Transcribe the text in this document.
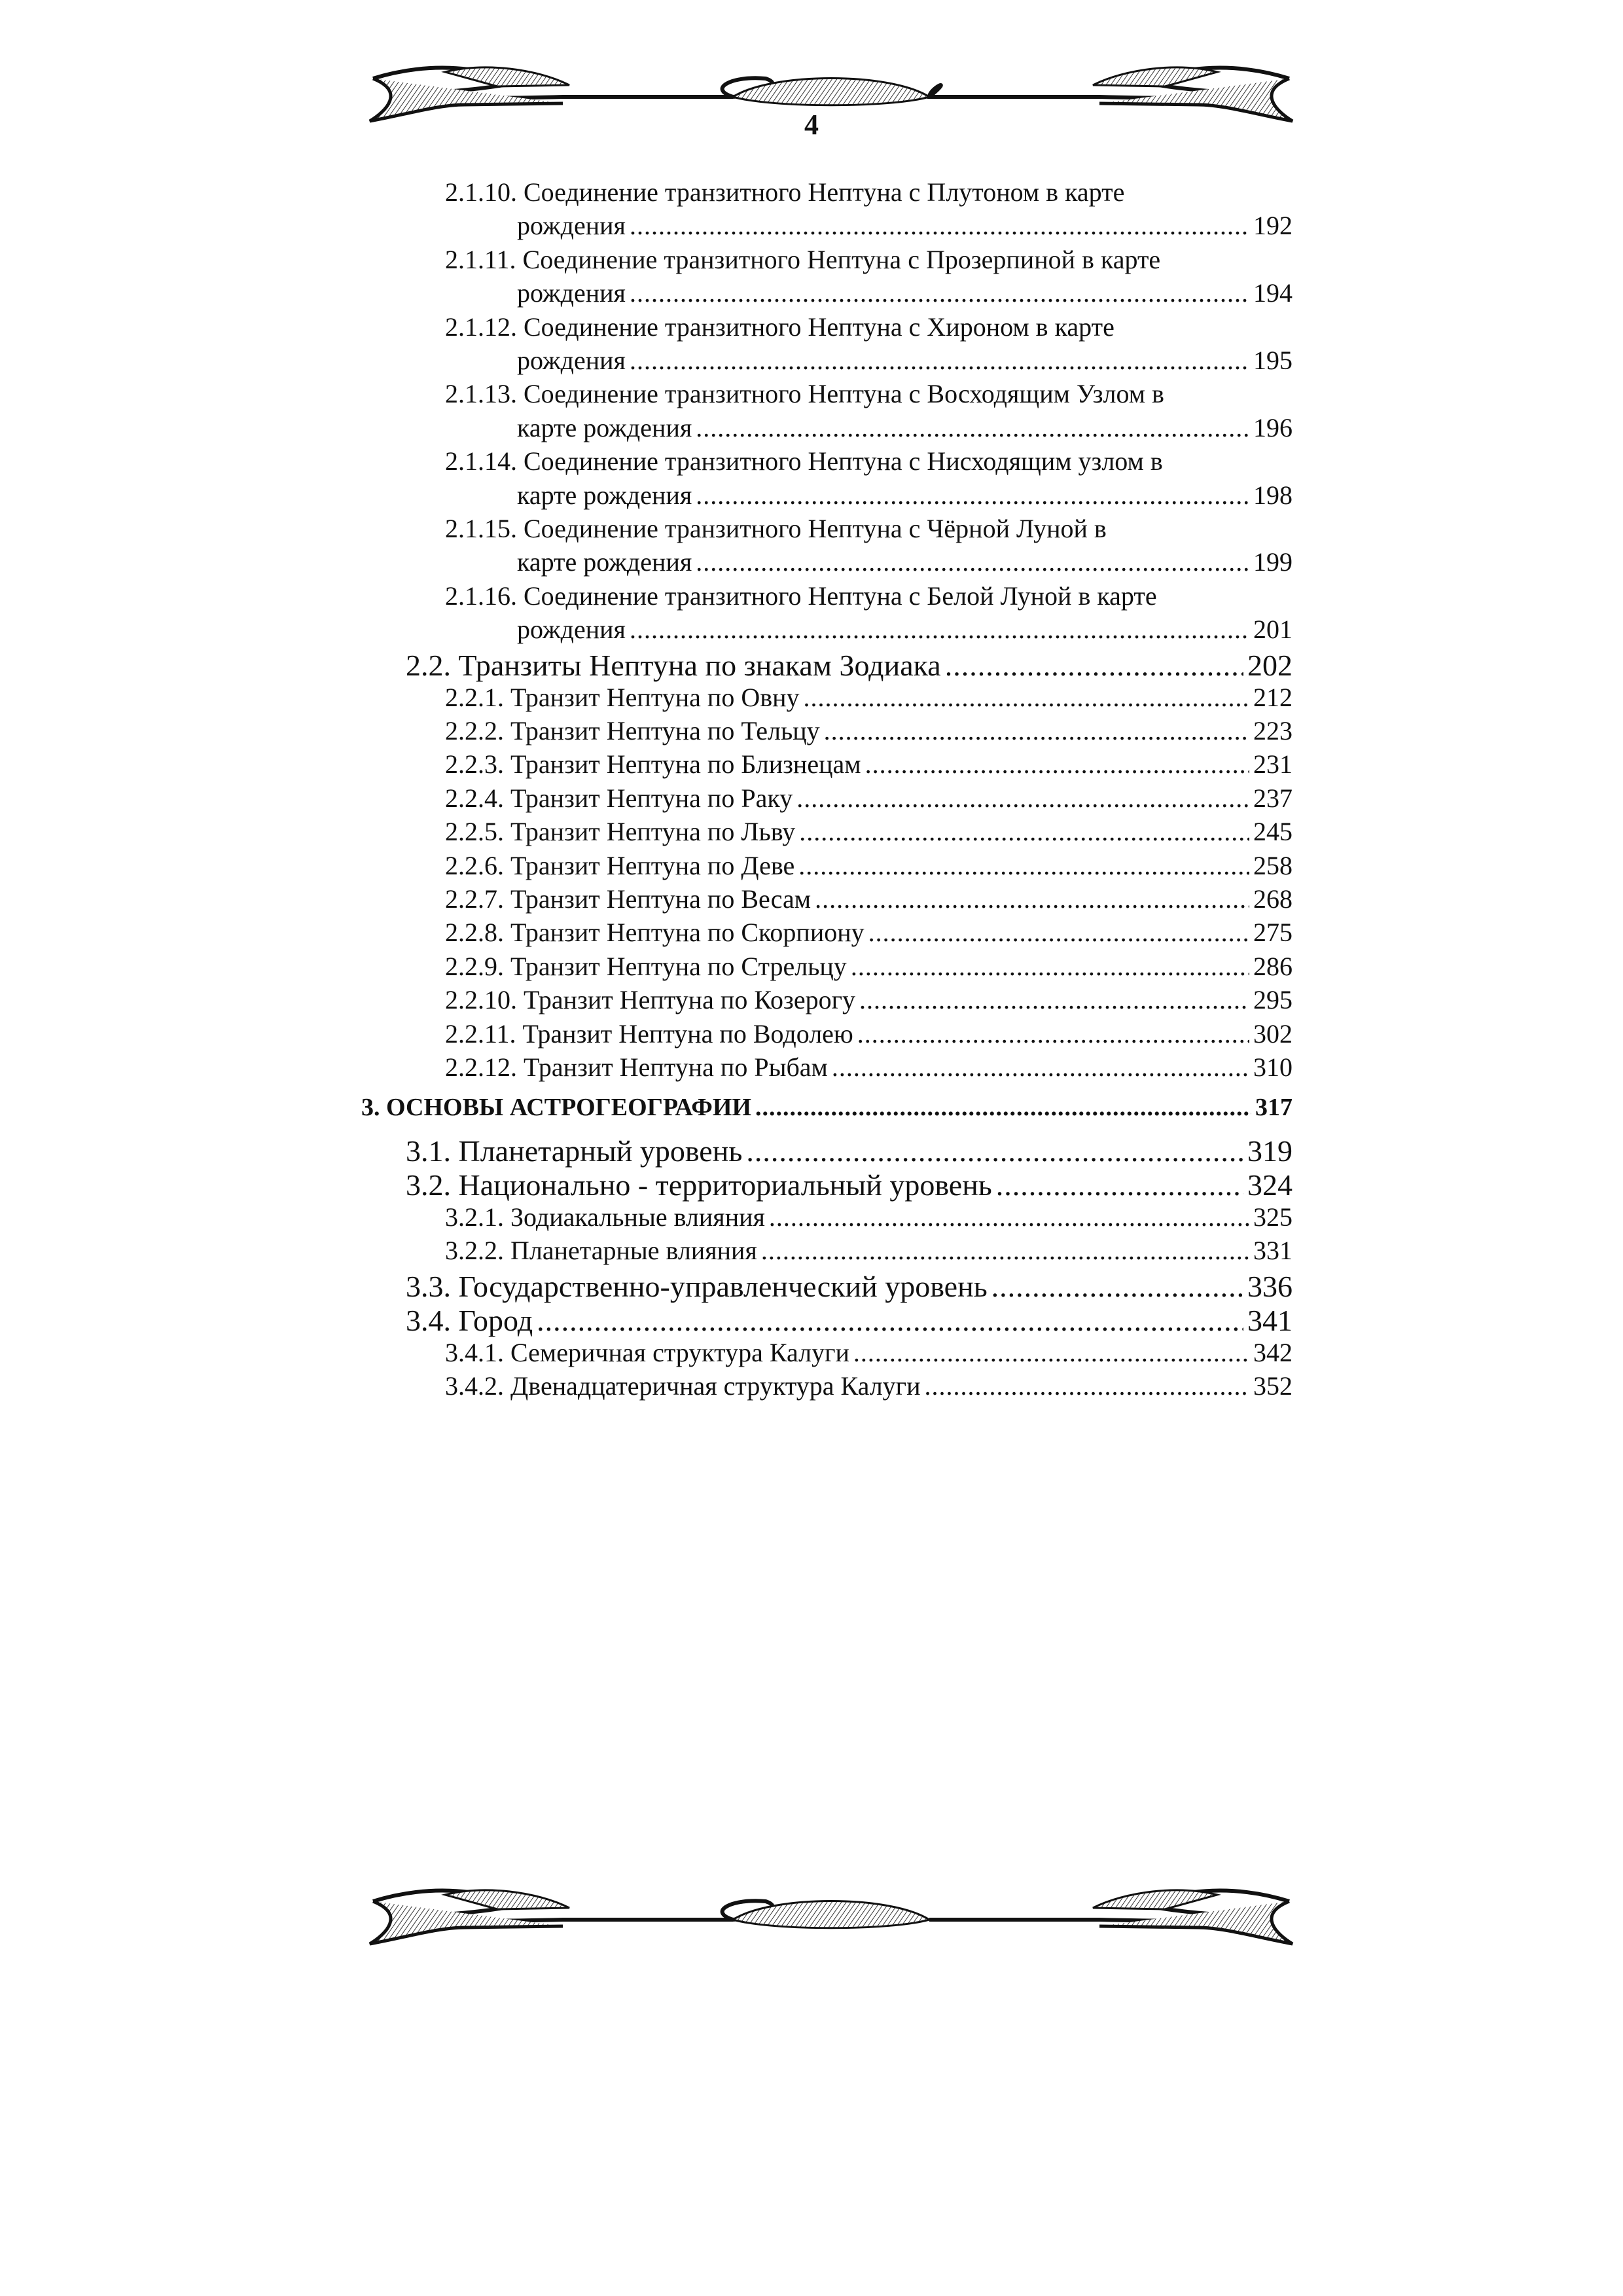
4
2.1.10. Соединение транзитного Нептуна с Плутоном в карте
рождения .....	192
2.1.11. Соединение транзитного Нептуна с Прозерпиной в карте
рождения .....	194
2.1.12. Соединение транзитного Нептуна с Хироном в карте
рождения .....	195
2.1.13. Соединение транзитного Нептуна с Восходящим Узлом в
карте рождения .....	196
2.1.14. Соединение транзитного Нептуна с Нисходящим узлом в
карте рождения .....	198
2.1.15. Соединение транзитного Нептуна с Чёрной Луной в
карте рождения .....	199
2.1.16. Соединение транзитного Нептуна с Белой Луной в карте
рождения .....	201
2.2. Транзиты Нептуна по знакам Зодиака .....	202
2.2.1. Транзит Нептуна по Овну .....	212
2.2.2. Транзит Нептуна по Тельцу .....	223
2.2.3. Транзит Нептуна по Близнецам .....	231
2.2.4. Транзит Нептуна по Раку .....	237
2.2.5. Транзит Нептуна по Льву .....	245
2.2.6. Транзит Нептуна по Деве .....	258
2.2.7. Транзит Нептуна по Весам .....	268
2.2.8. Транзит Нептуна по Скорпиону .....	275
2.2.9. Транзит Нептуна по Стрельцу .....	286
2.2.10. Транзит Нептуна по Козерогу .....	295
2.2.11. Транзит Нептуна по Водолею .....	302
2.2.12. Транзит Нептуна по Рыбам .....	310
3. ОСНОВЫ АСТРОГЕОГРАФИИ .....	317
3.1. Планетарный уровень .....	319
3.2. Национально - территориальный уровень .....	324
3.2.1. Зодиакальные влияния .....	325
3.2.2. Планетарные влияния .....	331
3.3. Государственно-управленческий уровень .....	336
3.4. Город .....	341
3.4.1. Семеричная структура Калуги .....	342
3.4.2. Двенадцатеричная структура Калуги .....	352
